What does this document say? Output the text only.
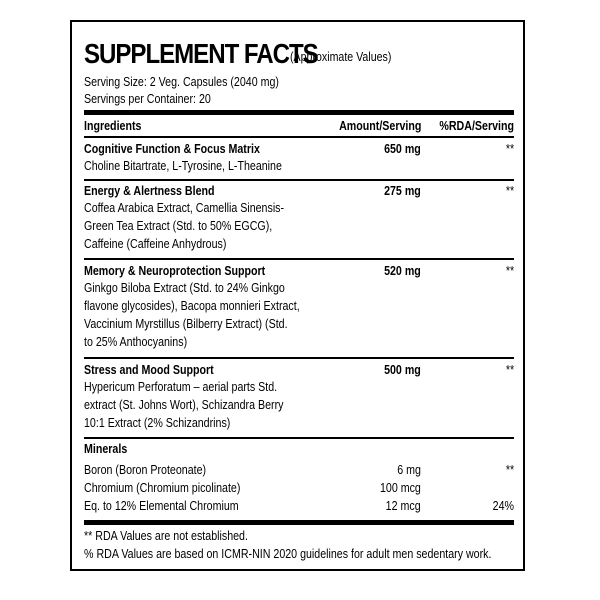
SUPPLEMENT FACTS
(Approximate Values)
Serving Size: 2 Veg. Capsules (2040 mg)
Servings per Container: 20
Ingredients	Amount/Serving %RDA/Serving
Cognitive Function & Focus Matrix	650 mg	**
Choline Bitartrate, L-Tyrosine, L-Theanine
Energy & Alertness Blend	275 mg	**
Coffea Arabica Extract, Camellia Sinensis-
Green Tea Extract (Std. to 50% EGCG),
Caffeine (Caffeine Anhydrous)
Memory & Neuroprotection Support	520 mg	**
Ginkgo Biloba Extract (Std. to 24% Ginkgo
flavone glycosides), Bacopa monnieri Extract,
Vaccinium Myrstillus (Bilberry Extract) (Std.
to 25% Anthocyanins)
Stress and Mood Support	500 mg	**
Hypericum Perforatum – aerial parts Std.
extract (St. Johns Wort), Schizandra Berry
10:1 Extract (2% Schizandrins)
Minerals
Boron (Boron Proteonate)	6 mg	**
Chromium (Chromium picolinate)	100 mcg
Eq. to 12% Elemental Chromium	12 mcg	24%
** RDA Values are not established.
% RDA Values are based on ICMR-NIN 2020 guidelines for adult men sedentary work.
